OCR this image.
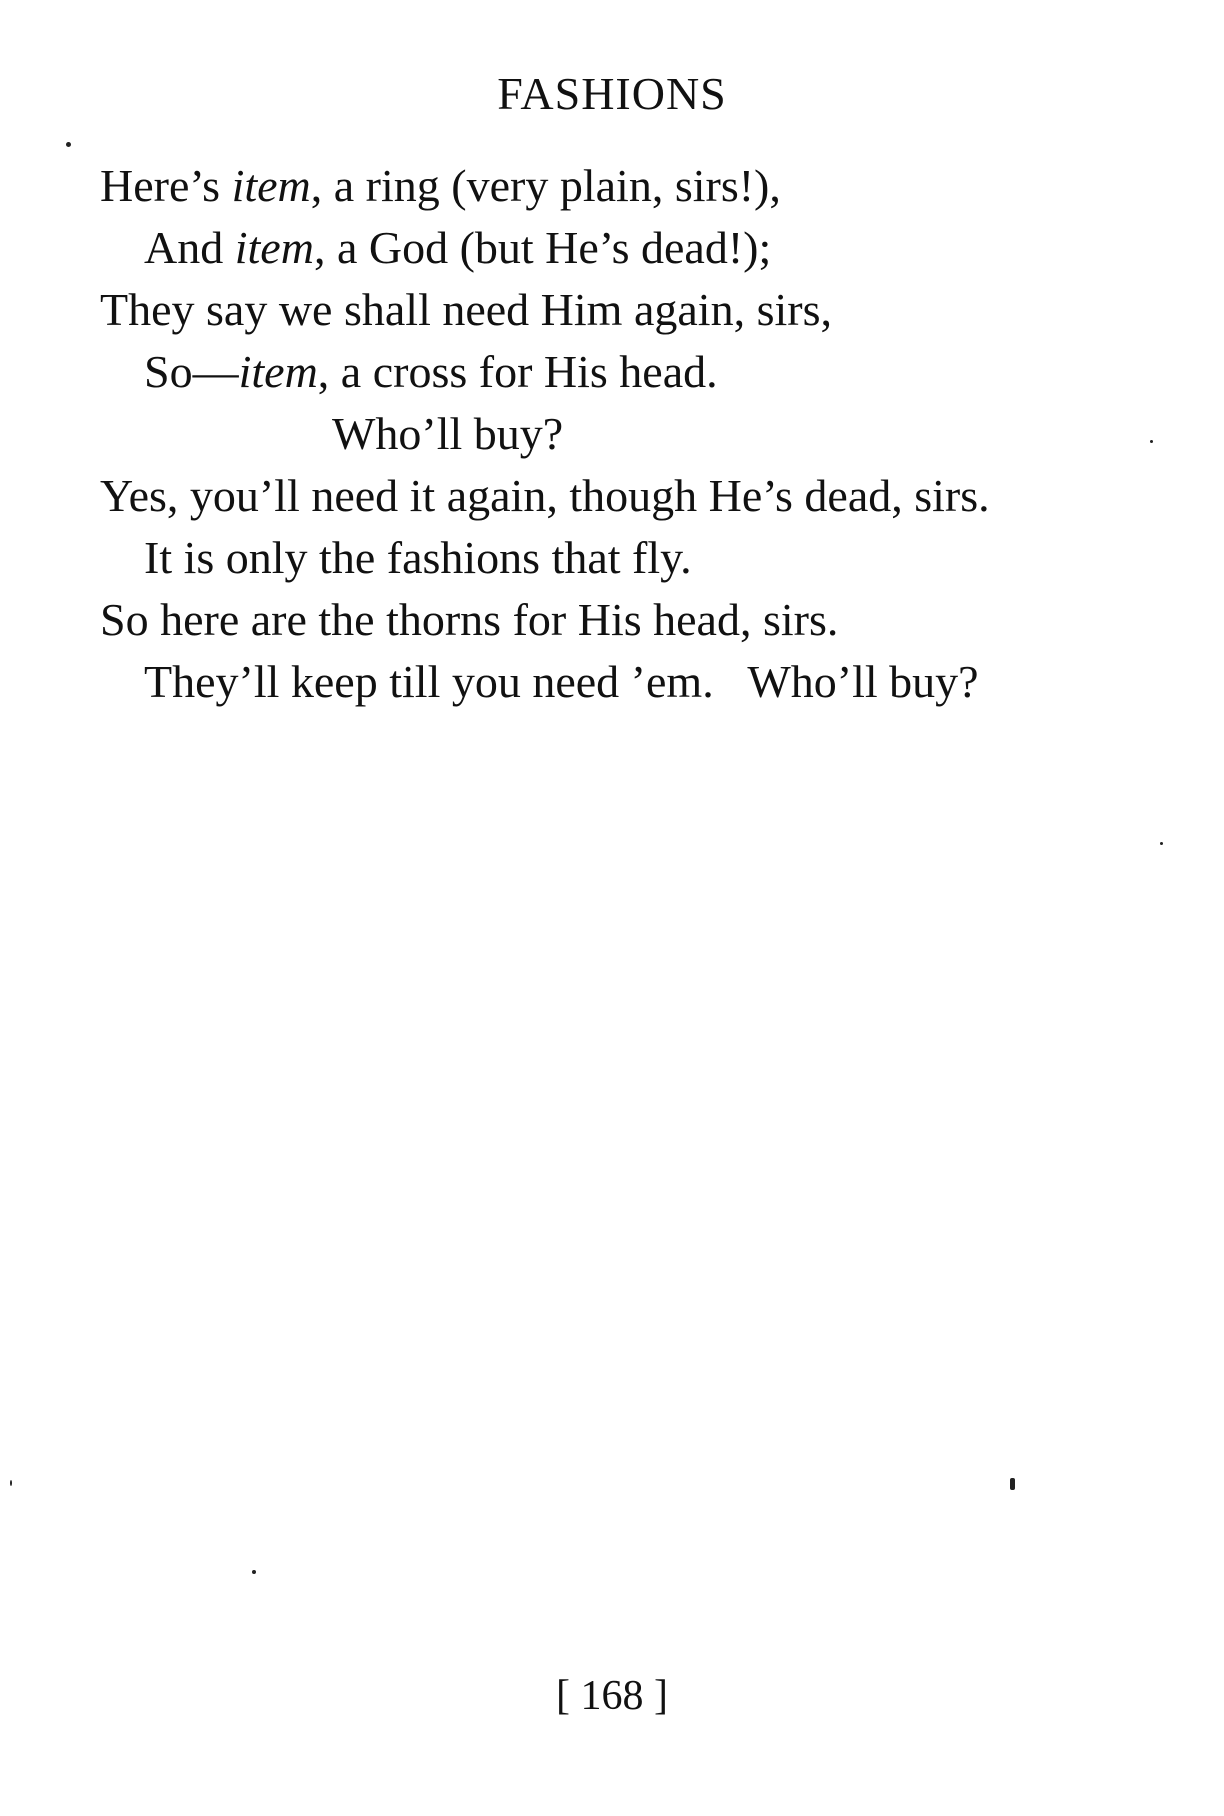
FASHIONS
Here’s item, a ring (very plain, sirs!),
And item, a God (but He’s dead!);
They say we shall need Him again, sirs,
So—item, a cross for His head.
Who’ll buy?
Yes, you’ll need it again, though He’s dead, sirs.
It is only the fashions that fly.
So here are the thorns for His head, sirs.
They’ll keep till you need ’em.   Who’ll buy?
[ 168 ]
